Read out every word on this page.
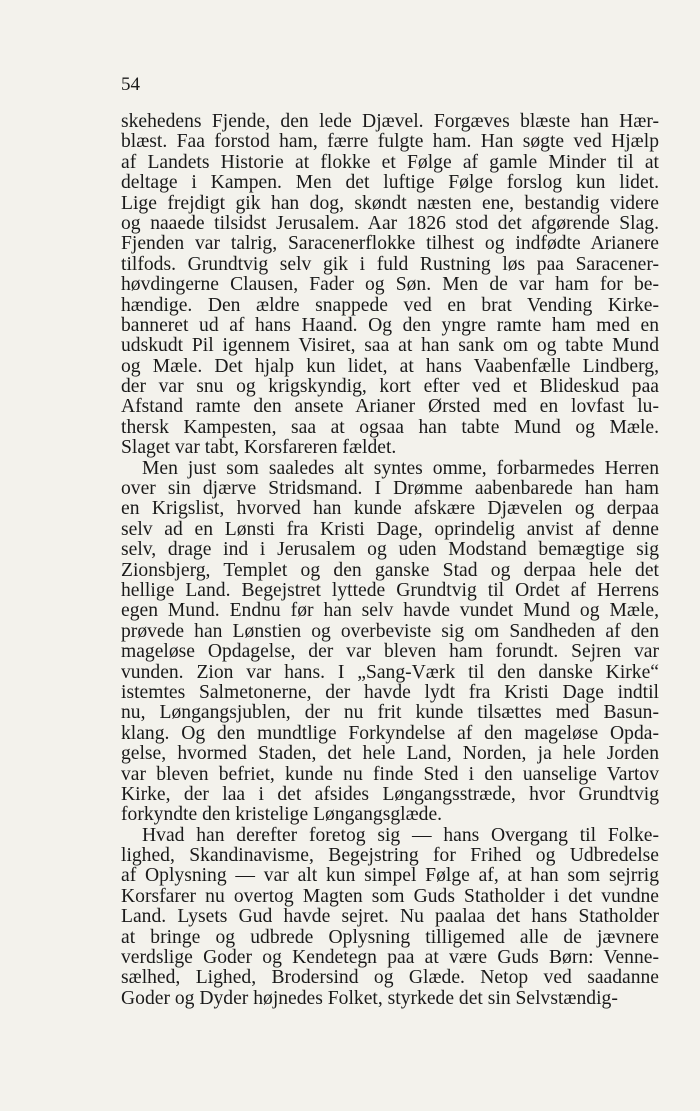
54
skehedens Fjende, den lede Djævel. Forgæves blæste han Hær-
blæst. Faa forstod ham, færre fulgte ham. Han søgte ved Hjælp
af Landets Historie at flokke et Følge af gamle Minder til at
deltage i Kampen. Men det luftige Følge forslog kun lidet.
Lige frejdigt gik han dog, skøndt næsten ene, bestandig videre
og naaede tilsidst Jerusalem. Aar 1826 stod det afgørende Slag.
Fjenden var talrig, Saracenerflokke tilhest og indfødte Arianere
tilfods. Grundtvig selv gik i fuld Rustning løs paa Saracener-
høvdingerne Clausen, Fader og Søn. Men de var ham for be-
hændige. Den ældre snappede ved en brat Vending Kirke-
banneret ud af hans Haand. Og den yngre ramte ham med en
udskudt Pil igennem Visiret, saa at han sank om og tabte Mund
og Mæle. Det hjalp kun lidet, at hans Vaabenfælle Lindberg,
der var snu og krigskyndig, kort efter ved et Blideskud paa
Afstand ramte den ansete Arianer Ørsted med en lovfast lu-
thersk Kampesten, saa at ogsaa han tabte Mund og Mæle.
Slaget var tabt, Korsfareren fældet.
Men just som saaledes alt syntes omme, forbarmedes Herren
over sin djærve Stridsmand. I Drømme aabenbarede han ham
en Krigslist, hvorved han kunde afskære Djævelen og derpaa
selv ad en Lønsti fra Kristi Dage, oprindelig anvist af denne
selv, drage ind i Jerusalem og uden Modstand bemægtige sig
Zionsbjerg, Templet og den ganske Stad og derpaa hele det
hellige Land. Begejstret lyttede Grundtvig til Ordet af Herrens
egen Mund. Endnu før han selv havde vundet Mund og Mæle,
prøvede han Lønstien og overbeviste sig om Sandheden af den
mageløse Opdagelse, der var bleven ham forundt. Sejren var
vunden. Zion var hans. I „Sang-Værk til den danske Kirke“
istemtes Salmetonerne, der havde lydt fra Kristi Dage indtil
nu, Løngangsjublen, der nu frit kunde tilsættes med Basun-
klang. Og den mundtlige Forkyndelse af den mageløse Opda-
gelse, hvormed Staden, det hele Land, Norden, ja hele Jorden
var bleven befriet, kunde nu finde Sted i den uanselige Vartov
Kirke, der laa i det afsides Løngangsstræde, hvor Grundtvig
forkyndte den kristelige Løngangsglæde.
Hvad han derefter foretog sig — hans Overgang til Folke-
lighed, Skandinavisme, Begejstring for Frihed og Udbredelse
af Oplysning — var alt kun simpel Følge af, at han som sejrrig
Korsfarer nu overtog Magten som Guds Statholder i det vundne
Land. Lysets Gud havde sejret. Nu paalaa det hans Statholder
at bringe og udbrede Oplysning tilligemed alle de jævnere
verdslige Goder og Kendetegn paa at være Guds Børn: Venne-
sælhed, Lighed, Brodersind og Glæde. Netop ved saadanne
Goder og Dyder højnedes Folket, styrkede det sin Selvstændig-
